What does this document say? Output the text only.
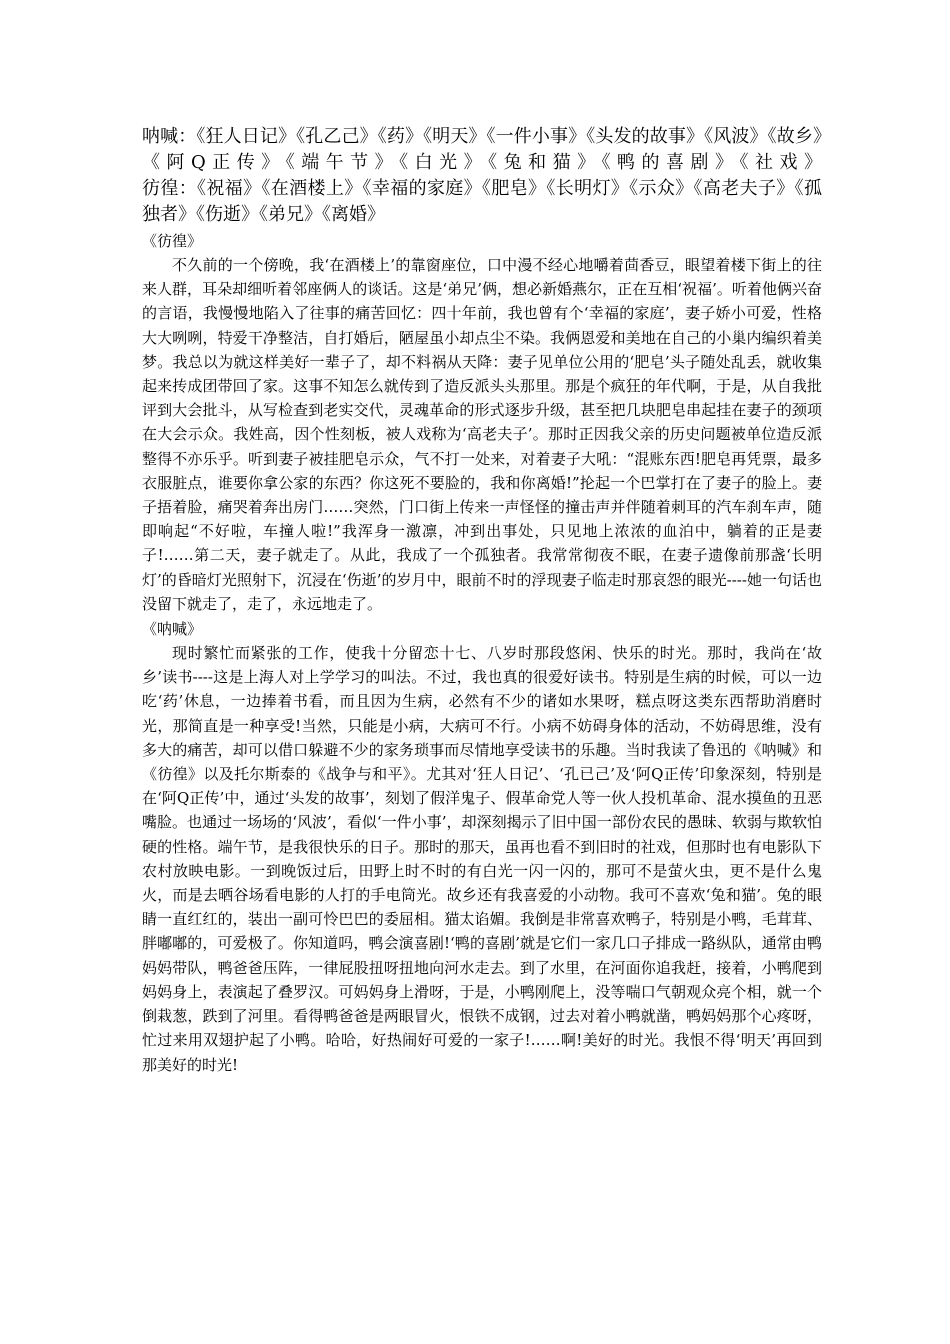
呐喊：《狂人日记》《孔乙己》《药》《明天》《一件小事》《头发的故事》《风波》《故乡》《阿Q正传》《端午节》《白光》《兔和猫》《鸭的喜剧》《社戏》
彷徨：《祝福》《在酒楼上》《幸福的家庭》《肥皂》《长明灯》《示众》《高老夫子》《孤独者》《伤逝》《弟兄》《离婚》
《彷徨》

不久前的一个傍晚，我‘在酒楼上’的靠窗座位，口中漫不经心地嚼着茴香豆，眼望着楼下街上的往来人群，耳朵却细听着邻座俩人的谈话。这是‘弟兄’俩，想必新婚燕尔，正在互相‘祝福’。听着他俩兴奋的言语，我慢慢地陷入了往事的痛苦回忆：四十年前，我也曾有个‘幸福的家庭’，妻子娇小可爱，性格大大咧咧，特爱干净整洁，自打婚后，陋屋虽小却点尘不染。我俩恩爱和美地在自己的小巢内编织着美梦。我总以为就这样美好一辈子了，却不料祸从天降：妻子见单位公用的‘肥皂’头子随处乱丢，就收集起来抟成团带回了家。这事不知怎么就传到了造反派头头那里。那是个疯狂的年代啊，于是，从自我批评到大会批斗，从写检查到老实交代，灵魂革命的形式逐步升级，甚至把几块肥皂串起挂在妻子的颈项在大会示众。我姓高，因个性刻板，被人戏称为‘高老夫子’。那时正因我父亲的历史问题被单位造反派整得不亦乐乎。听到妻子被挂肥皂示众，气不打一处来，对着妻子大吼：“混账东西!肥皂再凭票，最多衣服脏点，谁要你拿公家的东西？你这死不要脸的，我和你离婚!”抡起一个巴掌打在了妻子的脸上。妻子捂着脸，痛哭着奔出房门……突然，门口街上传来一声怪怪的撞击声并伴随着刺耳的汽车刹车声，随即响起“不好啦，车撞人啦!”我浑身一激凛，冲到出事处，只见地上浓浓的血泊中，躺着的正是妻子!……第二天，妻子就走了。从此，我成了一个孤独者。我常常彻夜不眠，在妻子遗像前那盏‘长明灯’的昏暗灯光照射下，沉浸在‘伤逝’的岁月中，眼前不时的浮现妻子临走时那哀怨的眼光----她一句话也没留下就走了，走了，永远地走了。

《呐喊》

现时繁忙而紧张的工作，使我十分留恋十七、八岁时那段悠闲、快乐的时光。那时，我尚在‘故乡’读书----这是上海人对上学学习的叫法。不过，我也真的很爱好读书。特别是生病的时候，可以一边吃‘药’休息，一边捧着书看，而且因为生病，必然有不少的诸如水果呀，糕点呀这类东西帮助消磨时光，那简直是一种享受!当然，只能是小病，大病可不行。小病不妨碍身体的活动，不妨碍思维，没有多大的痛苦，却可以借口躲避不少的家务琐事而尽情地享受读书的乐趣。当时我读了鲁迅的《呐喊》和《彷徨》以及托尔斯泰的《战争与和平》。尤其对‘狂人日记’、‘孔已己’及‘阿Q正传’印象深刻，特别是在‘阿Q正传’中，通过‘头发的故事’，刻划了假洋鬼子、假革命党人等一伙人投机革命、混水摸鱼的丑恶嘴脸。也通过一场场的‘风波’，看似‘一件小事’，却深刻揭示了旧中国一部份农民的愚昧、软弱与欺软怕硬的性格。端午节，是我很快乐的日子。那时的那天，虽再也看不到旧时的社戏，但那时也有电影队下农村放映电影。一到晚饭过后，田野上时不时的有白光一闪一闪的，那可不是萤火虫，更不是什么鬼火，而是去晒谷场看电影的人打的手电筒光。故乡还有我喜爱的小动物。我可不喜欢‘兔和猫’。兔的眼睛一直红红的，装出一副可怜巴巴的委屈相。猫太谄媚。我倒是非常喜欢鸭子，特别是小鸭，毛茸茸、胖嘟嘟的，可爱极了。你知道吗，鸭会演喜剧!‘鸭的喜剧’就是它们一家几口子排成一路纵队，通常由鸭妈妈带队，鸭爸爸压阵，一律屁股扭呀扭地向河水走去。到了水里，在河面你追我赶，接着，小鸭爬到妈妈身上，表演起了叠罗汉。可妈妈身上滑呀，于是，小鸭刚爬上，没等喘口气朝观众亮个相，就一个倒栽葱，跌到了河里。看得鸭爸爸是两眼冒火，恨铁不成钢，过去对着小鸭就凿，鸭妈妈那个心疼呀，忙过来用双翅护起了小鸭。哈哈，好热闹好可爱的一家子!……啊!美好的时光。我恨不得‘明天’再回到那美好的时光!
